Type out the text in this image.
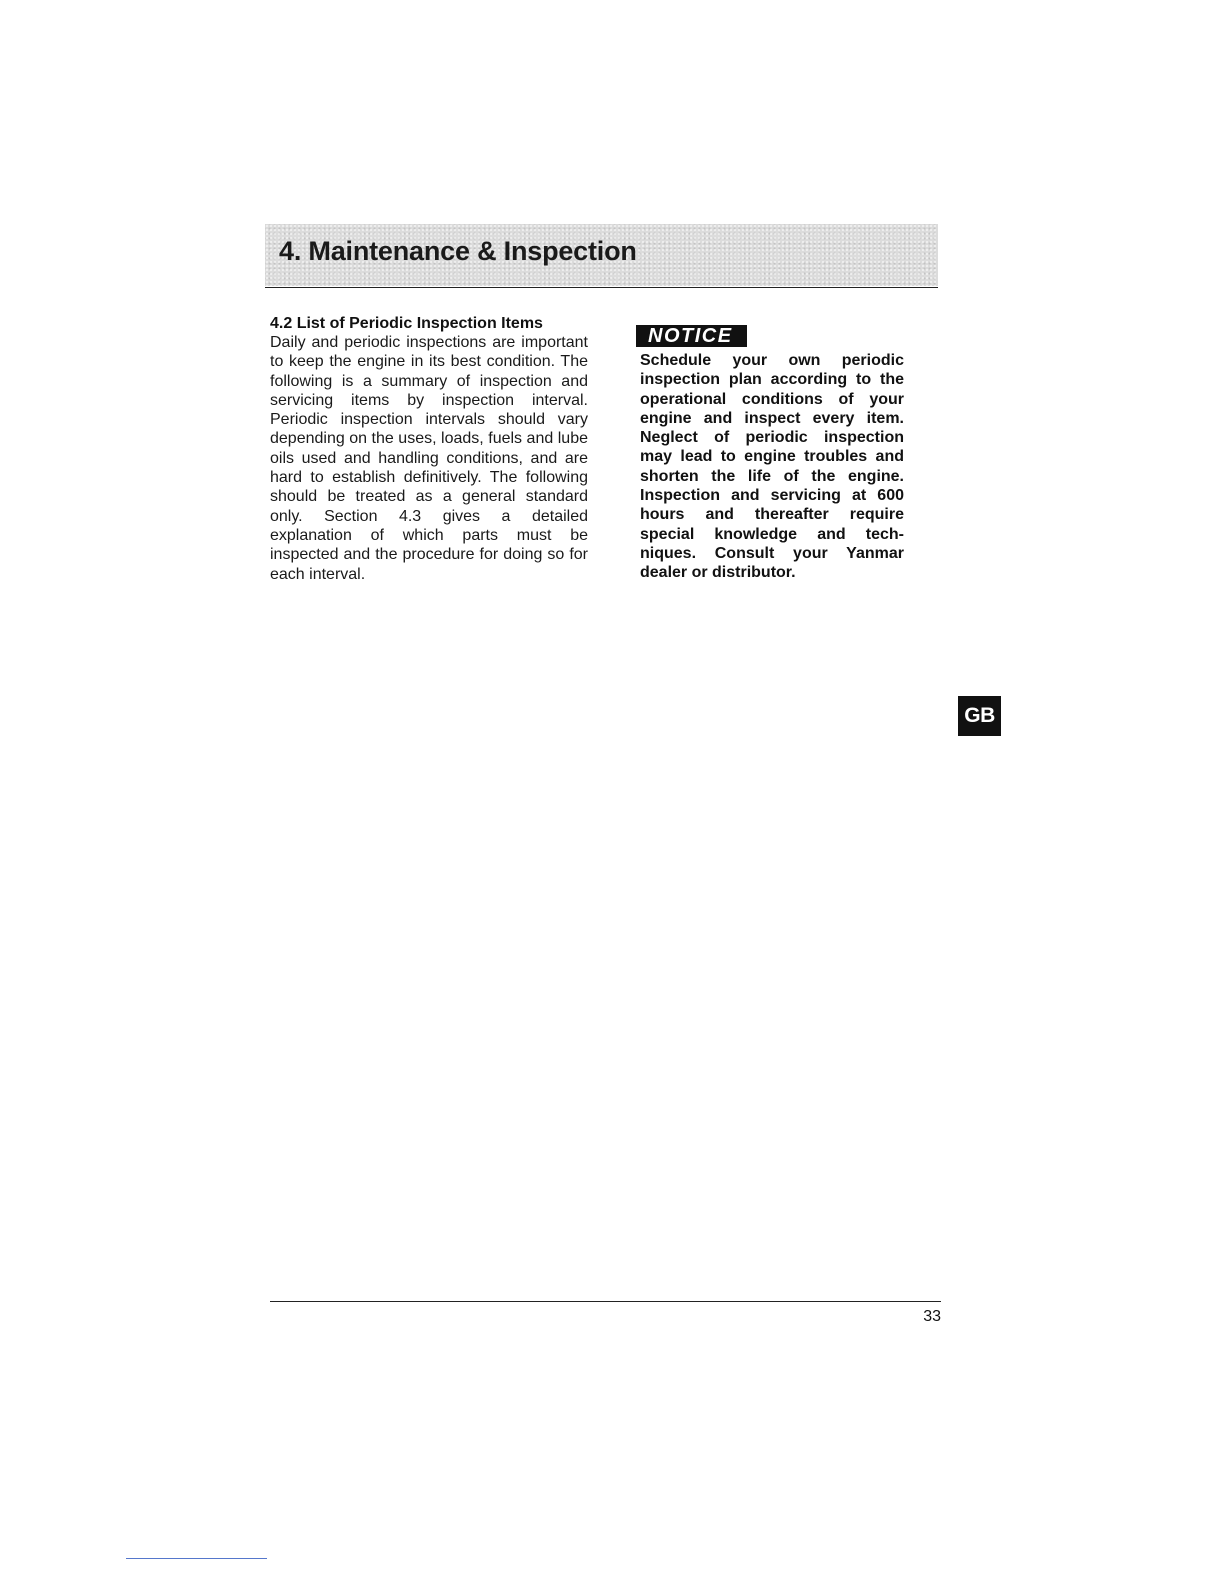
4. Maintenance & Inspection
4.2 List of Periodic Inspection Items

Daily and periodic inspections are important to keep the engine in its best condition. The following is a summary of inspection and servicing items by inspection interval. Periodic inspection intervals should vary depending on the uses, loads, fuels and lube oils used and handling conditions, and are hard to establish definitively. The following should be treated as a general standard only. Section 4.3 gives a detailed explanation of which parts must be inspected and the procedure for doing so for each interval.

NOTICE

Schedule your own periodic inspection plan according to the operational conditions of your engine and inspect every item. Neglect of periodic inspection may lead to engine troubles and shorten the life of the engine. Inspection and servicing at 600 hours and thereafter require special knowledge and tech-niques. Consult your Yanmar dealer or distributor.

GB
33
